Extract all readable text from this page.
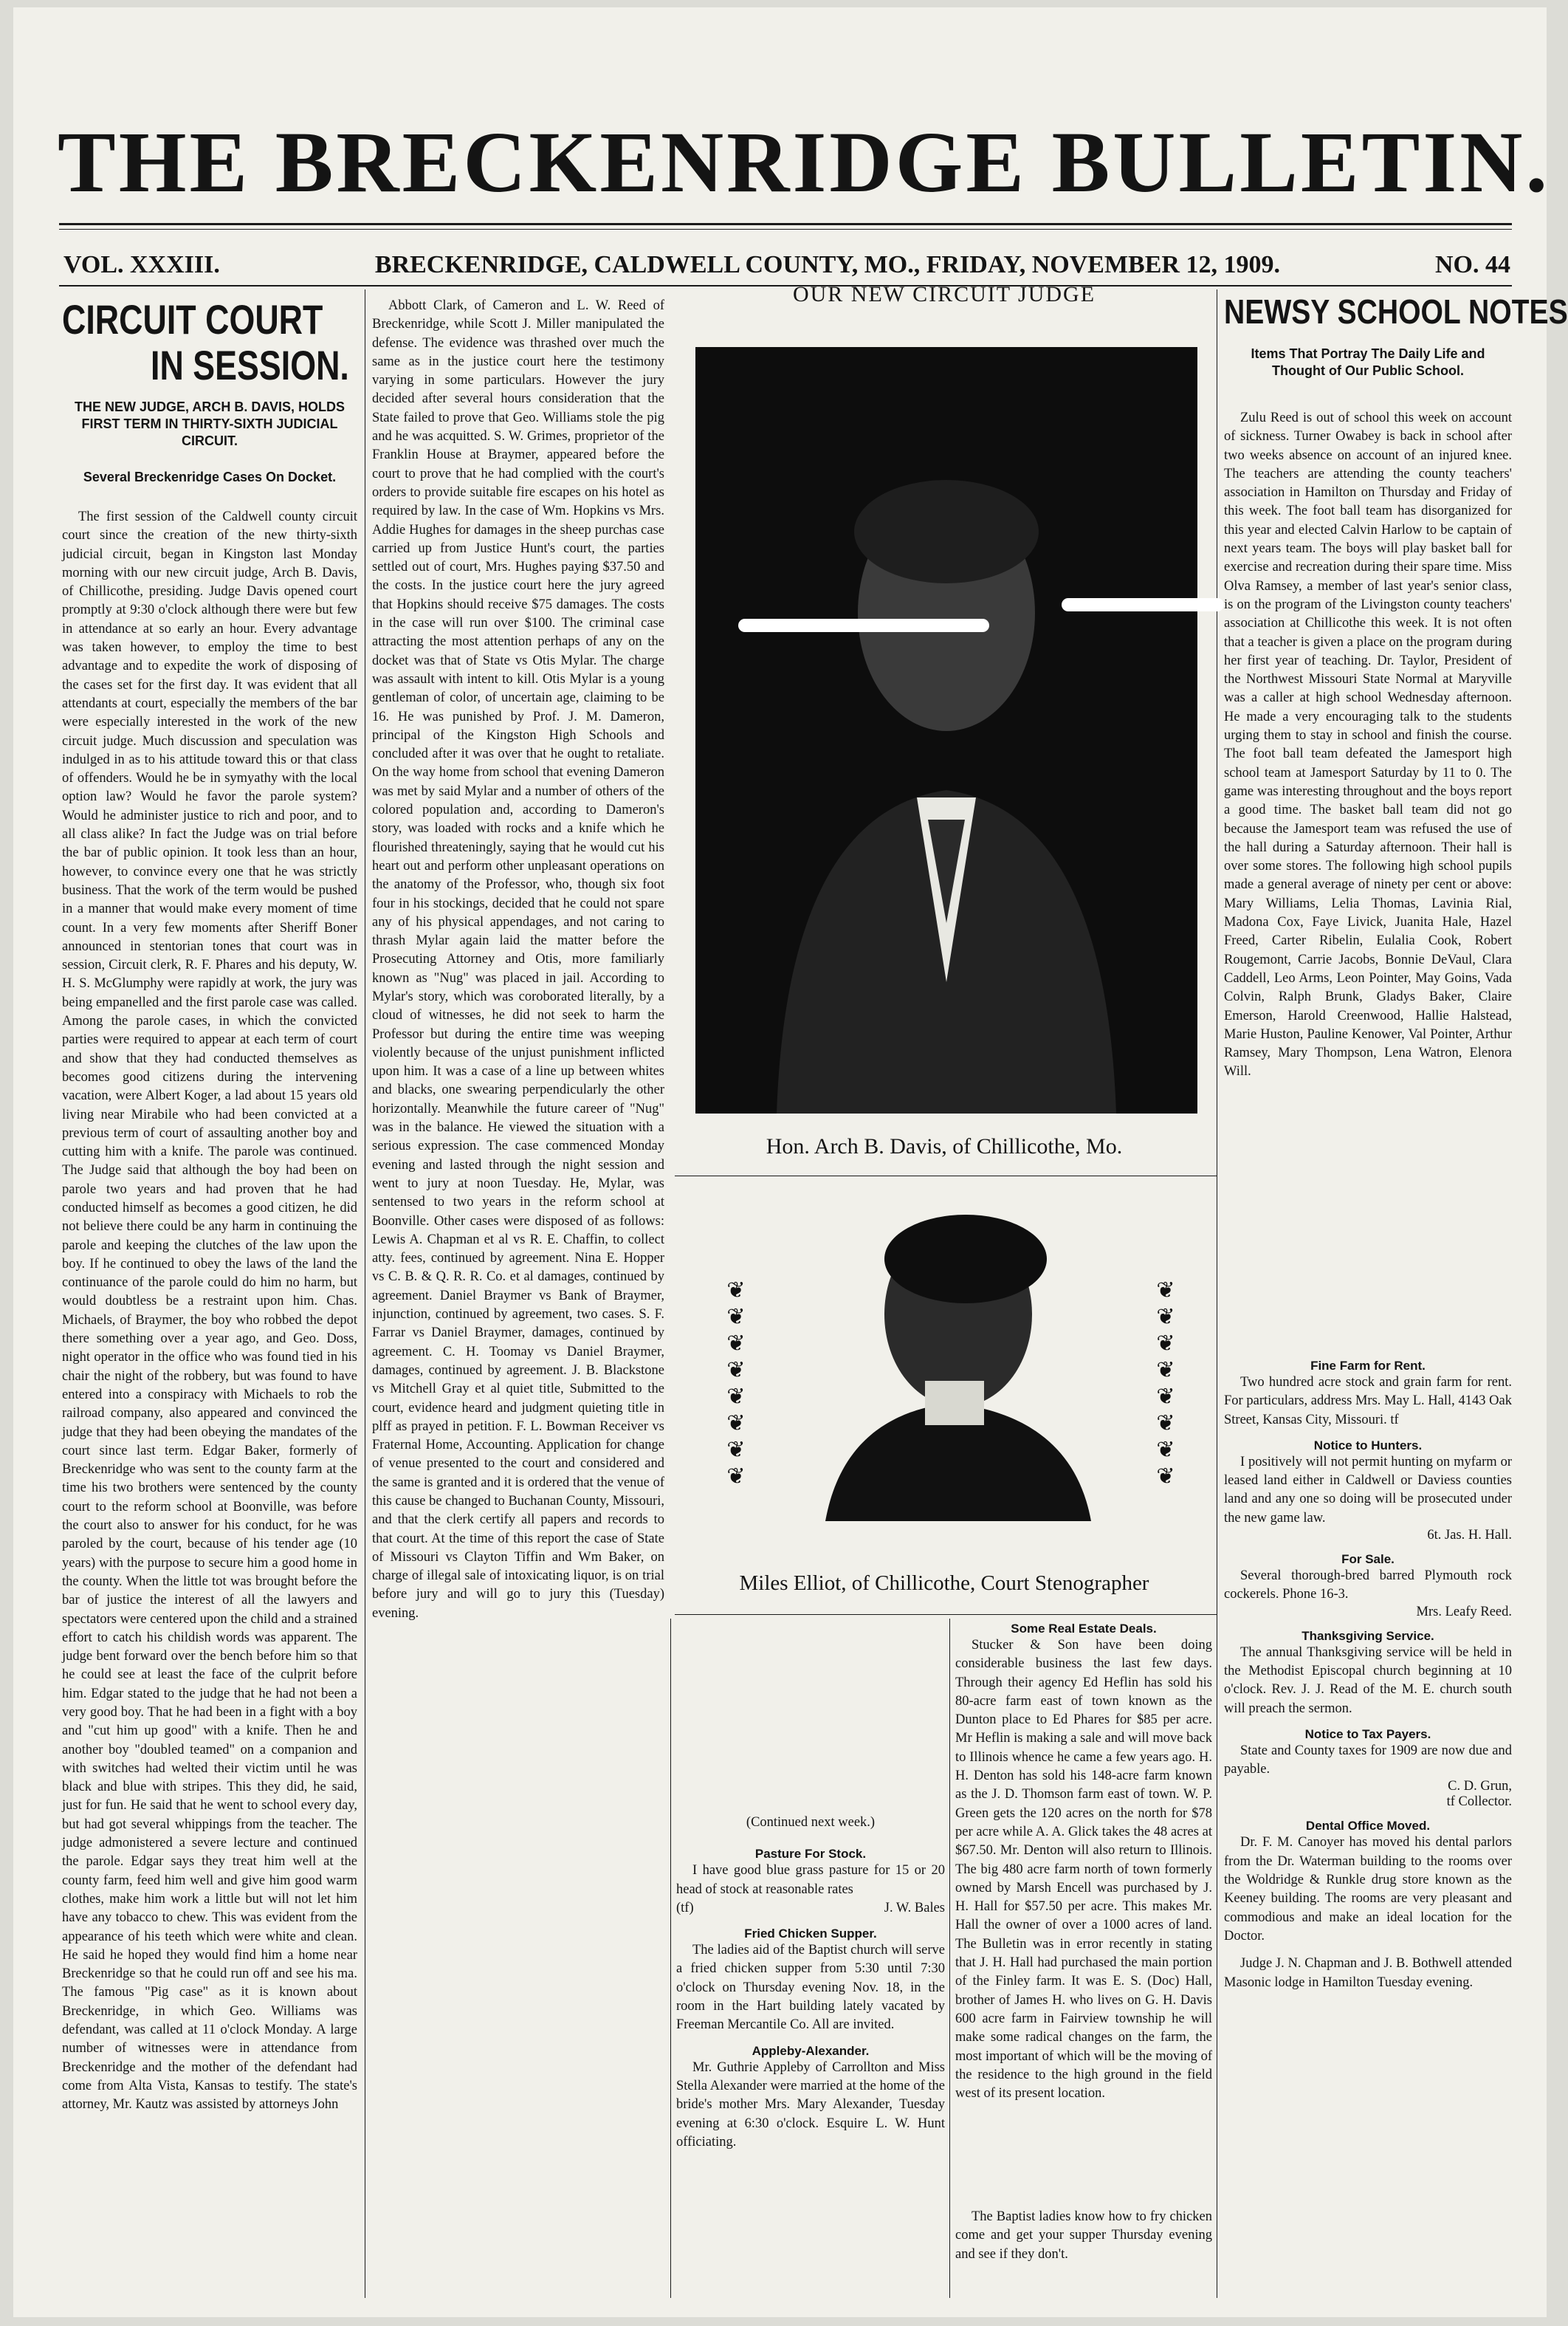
THE BRECKENRIDGE BULLETIN.
VOL. XXXIII.	BRECKENRIDGE, CALDWELL COUNTY, MO., FRIDAY, NOVEMBER 12, 1909.	NO. 44
CIRCUIT COURT
IN SESSION.

THE NEW JUDGE, ARCH B. DAVIS, HOLDS FIRST TERM IN THIRTY-SIXTH JUDICIAL CIRCUIT.

Several Breckenridge Cases On Docket.

The first session of the Caldwell county circuit court since the creation of the new thirty-sixth judicial circuit, began in Kingston last Monday morning with our new circuit judge, Arch B. Davis, of Chillicothe, presiding. Judge Davis opened court promptly at 9:30 o'clock although there were but few in attendance at so early an hour. Every advantage was taken however, to employ the time to best advantage and to expedite the work of disposing of the cases set for the first day. It was evident that all attendants at court, especially the members of the bar were especially interested in the work of the new circuit judge. Much discussion and speculation was indulged in as to his attitude toward this or that class of offenders. Would he be in symyathy with the local option law? Would he favor the parole system? Would he administer justice to rich and poor, and to all class alike? In fact the Judge was on trial before the bar of public opinion. It took less than an hour, however, to convince every one that he was strictly business. That the work of the term would be pushed in a manner that would make every moment of time count. In a very few moments after Sheriff Boner announced in stentorian tones that court was in session, Circuit clerk, R. F. Phares and his deputy, W. H. S. McGlumphy were rapidly at work, the jury was being empanelled and the first parole case was called. Among the parole cases, in which the convicted parties were required to appear at each term of court and show that they had conducted themselves as becomes good citizens during the intervening vacation, were Albert Koger, a lad about 15 years old living near Mirabile who had been convicted at a previous term of court of assaulting another boy and cutting him with a knife. The parole was continued. The Judge said that although the boy had been on parole two years and had proven that he had conducted himself as becomes a good citizen, he did not believe there could be any harm in continuing the parole and keeping the clutches of the law upon the boy. If he continued to obey the laws of the land the continuance of the parole could do him no harm, but would doubtless be a restraint upon him. Chas. Michaels, of Braymer, the boy who robbed the depot there something over a year ago, and Geo. Doss, night operator in the office who was found tied in his chair the night of the robbery, but was found to have entered into a conspiracy with Michaels to rob the railroad company, also appeared and convinced the judge that they had been obeying the mandates of the court since last term. Edgar Baker, formerly of Breckenridge who was sent to the county farm at the time his two brothers were sentenced by the county court to the reform school at Boonville, was before the court also to answer for his conduct, for he was paroled by the court, because of his tender age (10 years) with the purpose to secure him a good home in the county. When the little tot was brought before the bar of justice the interest of all the lawyers and spectators were centered upon the child and a strained effort to catch his childish words was apparent. The judge bent forward over the bench before him so that he could see at least the face of the culprit before him. Edgar stated to the judge that he had not been a very good boy. That he had been in a fight with a boy and "cut him up good" with a knife. Then he and another boy "doubled teamed" on a companion and with switches had welted their victim until he was black and blue with stripes. This they did, he said, just for fun. He said that he went to school every day, but had got several whippings from the teacher. The judge admonistered a severe lecture and continued the parole. Edgar says they treat him well at the county farm, feed him well and give him good warm clothes, make him work a little but will not let him have any tobacco to chew. This was evident from the appearance of his teeth which were white and clean. He said he hoped they would find him a home near Breckenridge so that he could run off and see his ma. The famous "Pig case" as it is known about Breckenridge, in which Geo. Williams was defendant, was called at 11 o'clock Monday. A large number of witnesses were in attendance from Breckenridge and the mother of the defendant had come from Alta Vista, Kansas to testify. The state's attorney, Mr. Kautz was assisted by attorneys John

Abbott Clark, of Cameron and L. W. Reed of Breckenridge, while Scott J. Miller manipulated the defense. The evidence was thrashed over much the same as in the justice court here the testimony varying in some particulars. However the jury decided after several hours consideration that the State failed to prove that Geo. Williams stole the pig and he was acquitted. S. W. Grimes, proprietor of the Franklin House at Braymer, appeared before the court to prove that he had complied with the court's orders to provide suitable fire escapes on his hotel as required by law. In the case of Wm. Hopkins vs Mrs. Addie Hughes for damages in the sheep purchas case carried up from Justice Hunt's court, the parties settled out of court, Mrs. Hughes paying $37.50 and the costs. In the justice court here the jury agreed that Hopkins should receive $75 damages. The costs in the case will run over $100. The criminal case attracting the most attention perhaps of any on the docket was that of State vs Otis Mylar. The charge was assault with intent to kill. Otis Mylar is a young gentleman of color, of uncertain age, claiming to be 16. He was punished by Prof. J. M. Dameron, principal of the Kingston High Schools and concluded after it was over that he ought to retaliate. On the way home from school that evening Dameron was met by said Mylar and a number of others of the colored population and, according to Dameron's story, was loaded with rocks and a knife which he flourished threateningly, saying that he would cut his heart out and perform other unpleasant operations on the anatomy of the Professor, who, though six foot four in his stockings, decided that he could not spare any of his physical appendages, and not caring to thrash Mylar again laid the matter before the Prosecuting Attorney and Otis, more familiarly known as "Nug" was placed in jail. According to Mylar's story, which was coroborated literally, by a cloud of witnesses, he did not seek to harm the Professor but during the entire time was weeping violently because of the unjust punishment inflicted upon him. It was a case of a line up between whites and blacks, one swearing perpendicularly the other horizontally. Meanwhile the future career of "Nug" was in the balance. He viewed the situation with a serious expression. The case commenced Monday evening and lasted through the night session and went to jury at noon Tuesday. He, Mylar, was sentensed to two years in the reform school at Boonville. Other cases were disposed of as follows: Lewis A. Chapman et al vs R. E. Chaffin, to collect atty. fees, continued by agreement. Nina E. Hopper vs C. B. & Q. R. R. Co. et al damages, continued by agreement. Daniel Braymer vs Bank of Braymer, injunction, continued by agreement, two cases. S. F. Farrar vs Daniel Braymer, damages, continued by agreement. C. H. Toomay vs Daniel Braymer, damages, continued by agreement. J. B. Blackstone vs Mitchell Gray et al quiet title, Submitted to the court, evidence heard and judgment quieting title in plff as prayed in petition. F. L. Bowman Receiver vs Fraternal Home, Accounting. Application for change of venue presented to the court and considered and the same is granted and it is ordered that the venue of this cause be changed to Buchanan County, Missouri, and that the clerk certify all papers and records to that court. At the time of this report the case of State of Missouri vs Clayton Tiffin and Wm Baker, on charge of illegal sale of intoxicating liquor, is on trial before jury and will go to jury this (Tuesday) evening.

OUR NEW CIRCUIT JUDGE
Hon. Arch B. Davis, of Chillicothe, Mo.
❦
❦
❦
❦
❦
❦
❦
❦
❦
❦
❦
❦
❦
❦
❦
❦
Miles Elliot, of Chillicothe, Court Stenographer

(Continued next week.)

Pasture For Stock.

I have good blue grass pasture for 15 or 20 head of stock at reasonable rates

(tf)	J. W. Bales

Fried Chicken Supper.

The ladies aid of the Baptist church will serve a fried chicken supper from 5:30 until 7:30 o'clock on Thursday evening Nov. 18, in the room in the Hart building lately vacated by Freeman Mercantile Co. All are invited.

Appleby-Alexander.

Mr. Guthrie Appleby of Carrollton and Miss Stella Alexander were married at the home of the bride's mother Mrs. Mary Alexander, Tuesday evening at 6:30 o'clock. Esquire L. W. Hunt officiating.

Some Real Estate Deals.

Stucker & Son have been doing considerable business the last few days. Through their agency Ed Heflin has sold his 80-acre farm east of town known as the Dunton place to Ed Phares for $85 per acre. Mr Heflin is making a sale and will move back to Illinois whence he came a few years ago. H. H. Denton has sold his 148-acre farm known as the J. D. Thomson farm east of town. W. P. Green gets the 120 acres on the north for $78 per acre while A. A. Glick takes the 48 acres at $67.50. Mr. Denton will also return to Illinois. The big 480 acre farm north of town formerly owned by Marsh Encell was purchased by J. H. Hall for $57.50 per acre. This makes Mr. Hall the owner of over a 1000 acres of land. The Bulletin was in error recently in stating that J. H. Hall had purchased the main portion of the Finley farm. It was E. S. (Doc) Hall, brother of James H. who lives on G. H. Davis 600 acre farm in Fairview township he will make some radical changes on the farm, the most important of which will be the moving of the residence to the high ground in the field west of its present location.

The Baptist ladies know how to fry chicken come and get your supper Thursday evening and see if they don't.

NEWSY SCHOOL NOTES

Items That Portray The Daily Life and Thought of Our Public School.

Zulu Reed is out of school this week on account of sickness. Turner Owabey is back in school after two weeks absence on account of an injured knee. The teachers are attending the county teachers' association in Hamilton on Thursday and Friday of this week. The foot ball team has disorganized for this year and elected Calvin Harlow to be captain of next years team. The boys will play basket ball for exercise and recreation during their spare time. Miss Olva Ramsey, a member of last year's senior class, is on the program of the Livingston county teachers' association at Chillicothe this week. It is not often that a teacher is given a place on the program during her first year of teaching. Dr. Taylor, President of the Northwest Missouri State Normal at Maryville was a caller at high school Wednesday afternoon. He made a very encouraging talk to the students urging them to stay in school and finish the course. The foot ball team defeated the Jamesport high school team at Jamesport Saturday by 11 to 0. The game was interesting throughout and the boys report a good time. The basket ball team did not go because the Jamesport team was refused the use of the hall during a Saturday afternoon. Their hall is over some stores. The following high school pupils made a general average of ninety per cent or above: Mary Williams, Lelia Thomas, Lavinia Rial, Madona Cox, Faye Livick, Juanita Hale, Hazel Freed, Carter Ribelin, Eulalia Cook, Robert Rougemont, Carrie Jacobs, Bonnie DeVaul, Clara Caddell, Leo Arms, Leon Pointer, May Goins, Vada Colvin, Ralph Brunk, Gladys Baker, Claire Emerson, Harold Creenwood, Hallie Halstead, Marie Huston, Pauline Kenower, Val Pointer, Arthur Ramsey, Mary Thompson, Lena Watron, Elenora Will.

Fine Farm for Rent.

Two hundred acre stock and grain farm for rent. For particulars, address Mrs. May L. Hall, 4143 Oak Street, Kansas City, Missouri. tf

Notice to Hunters.

I positively will not permit hunting on myfarm or leased land either in Caldwell or Daviess counties land and any one so doing will be prosecuted under the new game law.

6t. Jas. H. Hall.

For Sale.

Several thorough-bred barred Plymouth rock cockerels. Phone 16-3.

Mrs. Leafy Reed.

Thanksgiving Service.

The annual Thanksgiving service will be held in the Methodist Episcopal church beginning at 10 o'clock. Rev. J. J. Read of the M. E. church south will preach the sermon.

Notice to Tax Payers.

State and County taxes for 1909 are now due and payable.

C. D. Grun,

tf Collector.

Dental Office Moved.

Dr. F. M. Canoyer has moved his dental parlors from the Dr. Waterman building to the rooms over the Woldridge & Runkle drug store known as the Keeney building. The rooms are very pleasant and commodious and make an ideal location for the Doctor.

Judge J. N. Chapman and J. B. Bothwell attended Masonic lodge in Hamilton Tuesday evening.
